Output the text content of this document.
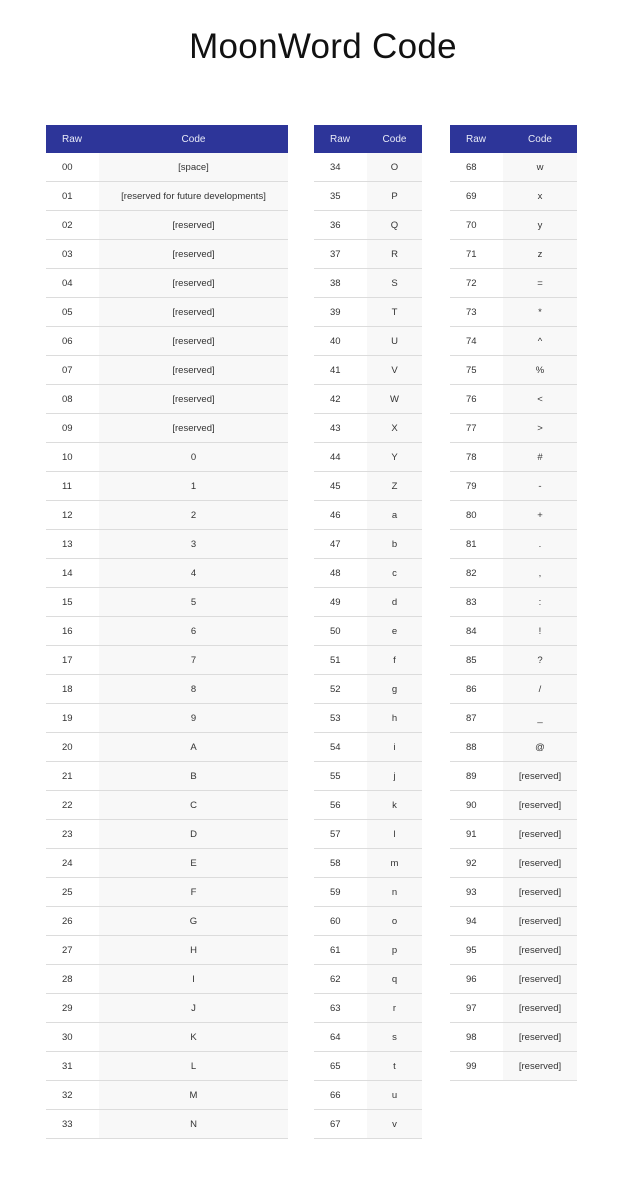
MoonWord Code
Raw	Code
00	[space]
01	[reserved for future developments]
02	[reserved]
03	[reserved]
04	[reserved]
05	[reserved]
06	[reserved]
07	[reserved]
08	[reserved]
09	[reserved]
10	0
11	1
12	2
13	3
14	4
15	5
16	6
17	7
18	8
19	9
20	A
21	B
22	C
23	D
24	E
25	F
26	G
27	H
28	I
29	J
30	K
31	L
32	M
33	N
Raw	Code
34	O
35	P
36	Q
37	R
38	S
39	T
40	U
41	V
42	W
43	X
44	Y
45	Z
46	a
47	b
48	c
49	d
50	e
51	f
52	g
53	h
54	i
55	j
56	k
57	l
58	m
59	n
60	o
61	p
62	q
63	r
64	s
65	t
66	u
67	v
Raw	Code
68	w
69	x
70	y
71	z
72	=
73	*
74	^
75	%
76	<
77	>
78	#
79	-
80	+
81	.
82	,
83	:
84	!
85	?
86	/
87	_
88	@
89	[reserved]
90	[reserved]
91	[reserved]
92	[reserved]
93	[reserved]
94	[reserved]
95	[reserved]
96	[reserved]
97	[reserved]
98	[reserved]
99	[reserved]
